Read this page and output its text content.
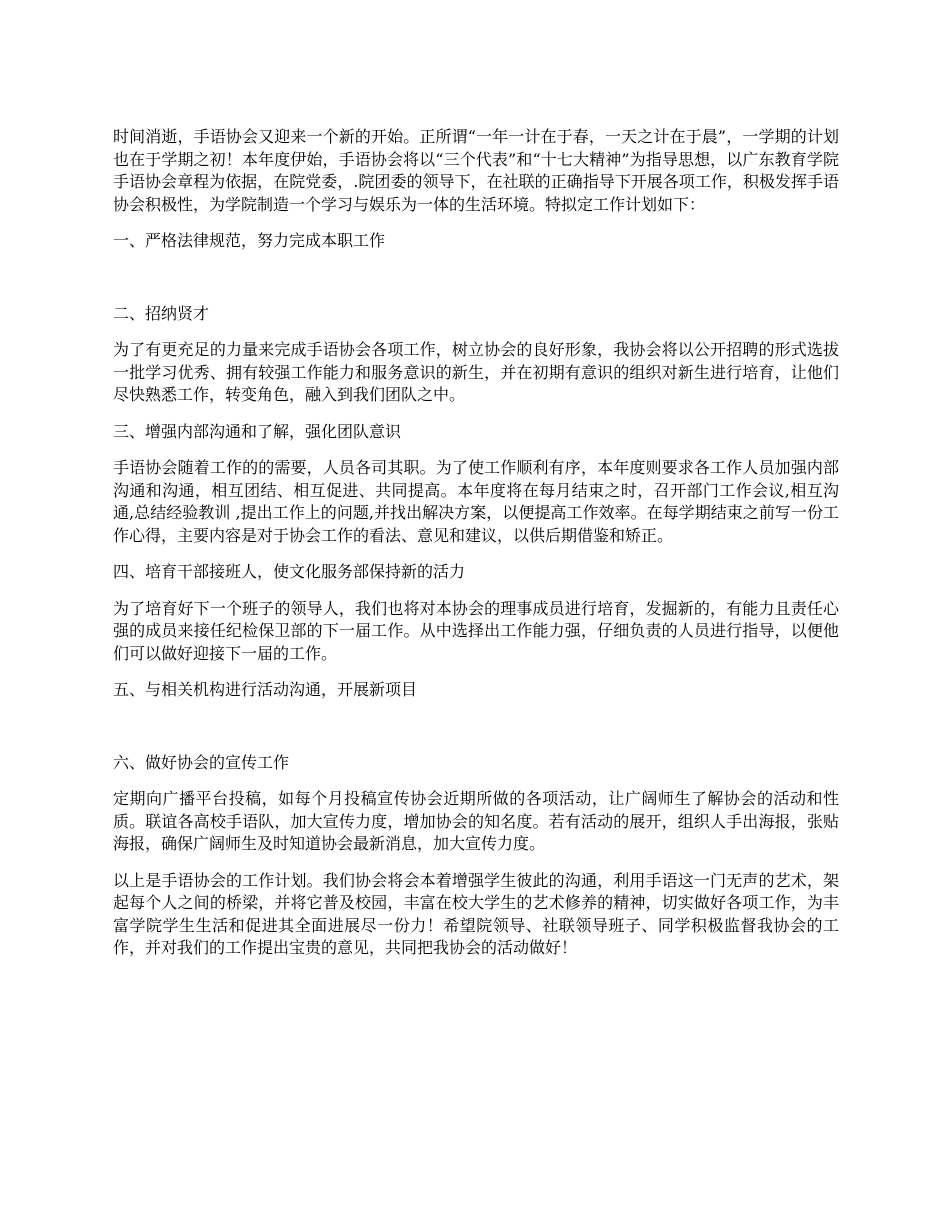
时间消逝，手语协会又迎来一个新的开始。正所谓“一年一计在于春，一天之计在于晨”，一学期的计划也在于学期之初！本年度伊始，手语协会将以“三个代表”和“十七大精神”为指导思想，以广东教育学院手语协会章程为依据，在院党委，.院团委的领导下，在社联的正确指导下开展各项工作，积极发挥手语协会积极性，为学院制造一个学习与娱乐为一体的生活环境。特拟定工作计划如下：

一、严格法律规范，努力完成本职工作

二、招纳贤才

为了有更充足的力量来完成手语协会各项工作，树立协会的良好形象，我协会将以公开招聘的形式选拔一批学习优秀、拥有较强工作能力和服务意识的新生，并在初期有意识的组织对新生进行培育，让他们尽快熟悉工作，转变角色，融入到我们团队之中。

三、增强内部沟通和了解，强化团队意识

手语协会随着工作的的需要，人员各司其职。为了使工作顺利有序，本年度则要求各工作人员加强内部沟通和沟通，相互团结、相互促进、共同提高。本年度将在每月结束之时，召开部门工作会议,相互沟通,总结经验教训 ,提出工作上的问题,并找出解决方案，以便提高工作效率。在每学期结束之前写一份工作心得，主要内容是对于协会工作的看法、意见和建议，以供后期借鉴和矫正。

四、培育干部接班人，使文化服务部保持新的活力

为了培育好下一个班子的领导人，我们也将对本协会的理事成员进行培育，发掘新的，有能力且责任心强的成员来接任纪检保卫部的下一届工作。从中选择出工作能力强，仔细负责的人员进行指导，以便他们可以做好迎接下一届的工作。

五、与相关机构进行活动沟通，开展新项目

六、做好协会的宣传工作

定期向广播平台投稿，如每个月投稿宣传协会近期所做的各项活动，让广阔师生了解协会的活动和性质。联谊各高校手语队，加大宣传力度，增加协会的知名度。若有活动的展开，组织人手出海报，张贴海报，确保广阔师生及时知道协会最新消息，加大宣传力度。

以上是手语协会的工作计划。我们协会将会本着增强学生彼此的沟通，利用手语这一门无声的艺术，架起每个人之间的桥梁，并将它普及校园，丰富在校大学生的艺术修养的精神，切实做好各项工作，为丰富学院学生生活和促进其全面进展尽一份力！希望院领导、社联领导班子、同学积极监督我协会的工作，并对我们的工作提出宝贵的意见，共同把我协会的活动做好！
